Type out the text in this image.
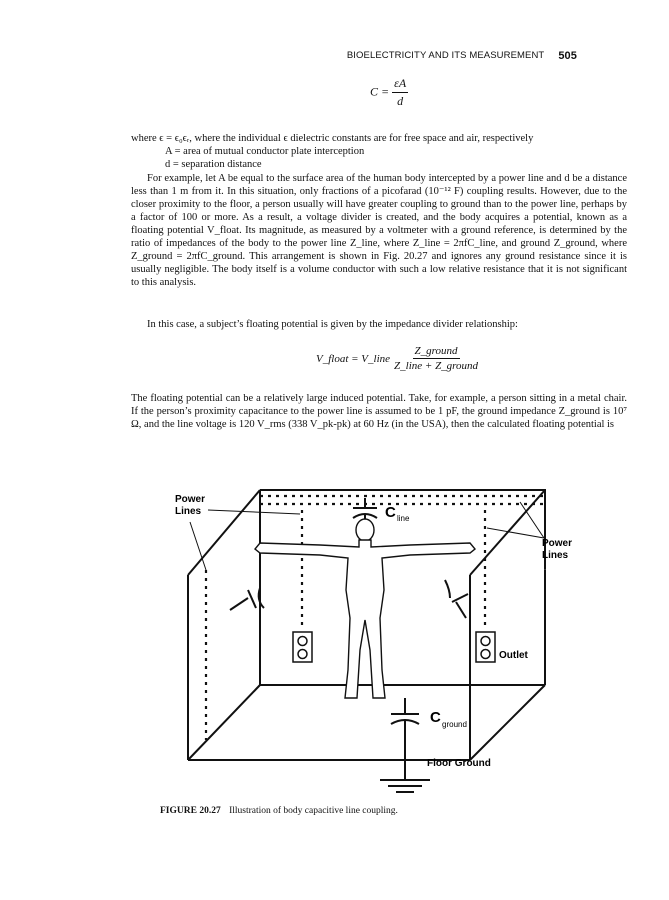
BIOELECTRICITY AND ITS MEASUREMENT 505
$C = \frac{\varepsilon A}{d}$
where ϵ = ϵ₀ϵᵣ, where the individual ϵ dielectric constants are for free space and air, respectively
A = area of mutual conductor plate interception
d = separation distance

For example, let A be equal to the surface area of the human body intercepted by a power line and d be a distance less than 1 m from it. In this situation, only fractions of a picofarad (10⁻¹² F) coupling results. However, due to the closer proximity to the floor, a person usually will have greater coupling to ground than to the power line, perhaps by a factor of 100 or more. As a result, a voltage divider is created, and the body acquires a potential, known as a floating potential V_float. Its magnitude, as measured by a voltmeter with a ground reference, is determined by the ratio of impedances of the body to the power line Z_line, where Z_line = 2πfC_line, and ground Z_ground, where Z_ground = 2πfC_ground. This arrangement is shown in Fig. 20.27 and ignores any ground resistance since it is usually negligible. The body itself is a volume conductor with such a low relative resistance that it is not significant to this analysis.

In this case, a subject’s floating potential is given by the impedance divider relationship:

V_float = V_line $\frac{\text{Z\_ground}}{\text{Z\_line + Z\_ground}}$

The floating potential can be a relatively large induced potential. Take, for example, a person sitting in a metal chair. If the person’s proximity capacitance to the power line is assumed to be 1 pF, the ground impedance Z_ground is 10⁷ Ω, and the line voltage is 120 V_rms (338 V_pk-pk) at 60 Hz (in the USA), then the calculated floating potential is

C line
Outlet
C ground
Floor Ground
Power
Lines
Power Lines
Power
Lines
Power Lines
FIGURE 20.27 Illustration of body capacitive line coupling.
